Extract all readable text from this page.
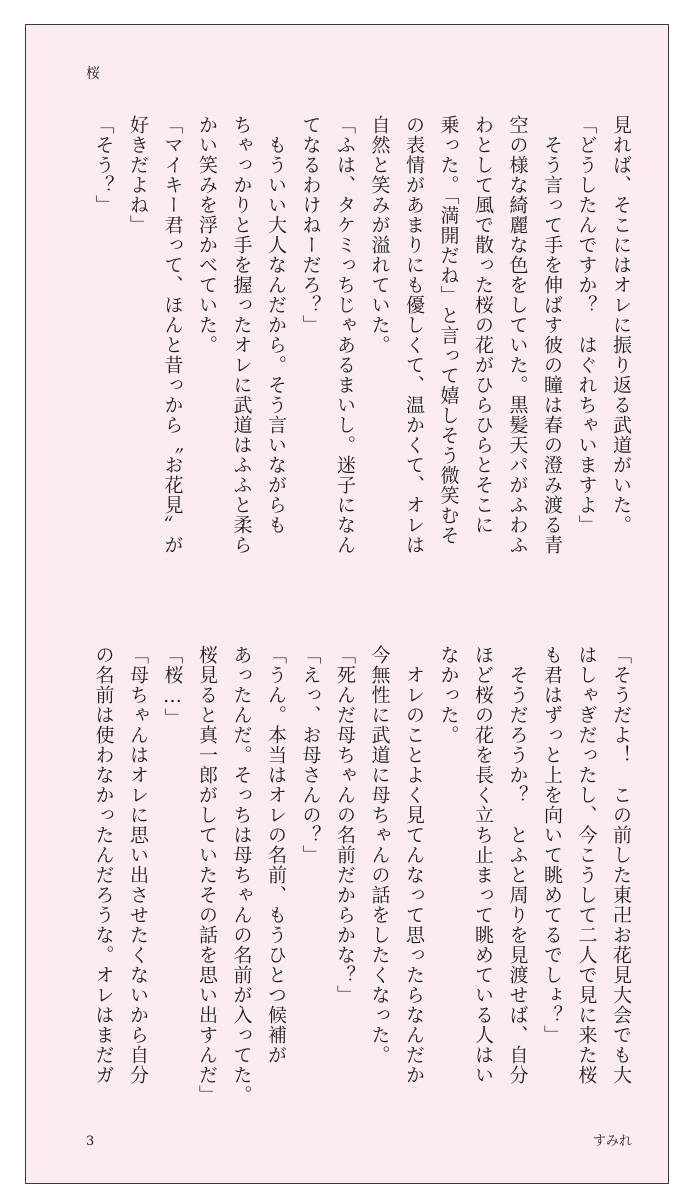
桜
見れば、そこにはオレに振り返る武道がいた。
「どうしたんですか？　はぐれちゃいますよ」
　そう言って手を伸ばす彼の瞳は春の澄み渡る青
空の様な綺麗な色をしていた。黒髪天パがふわふ
わとして風で散った桜の花がひらひらとそこに
乗った。「満開だね」と言って嬉しそう微笑むそ
の表情があまりにも優しくて、温かくて、オレは
自然と笑みが溢れていた。
「ふは、タケミっちじゃあるまいし。迷子になん
てなるわけねーだろ？」
　もういい大人なんだから。そう言いながらも
ちゃっかりと手を握ったオレに武道はふふと柔ら
かい笑みを浮かべていた。
「マイキー君って、ほんと昔っから〝お花見〟が
好きだよね」
「そう？」
「そうだよ！　この前した東卍お花見大会でも大
はしゃぎだったし、今こうして二人で見に来た桜
も君はずっと上を向いて眺めてるでしょ？」
　そうだろうか？　とふと周りを見渡せば、自分
ほど桜の花を長く立ち止まって眺めている人はい
なかった。
　オレのことよく見てんなって思ったらなんだか
今無性に武道に母ちゃんの話をしたくなった。
「死んだ母ちゃんの名前だからかな？」
「えっ、お母さんの？」
「うん。本当はオレの名前、もうひとつ候補が
あったんだ。そっちは母ちゃんの名前が入ってた。
桜見ると真一郎がしていたその話を思い出すんだ」
「桜…」
「母ちゃんはオレに思い出させたくないから自分
の名前は使わなかったんだろうな。オレはまだガ
3	すみれ
